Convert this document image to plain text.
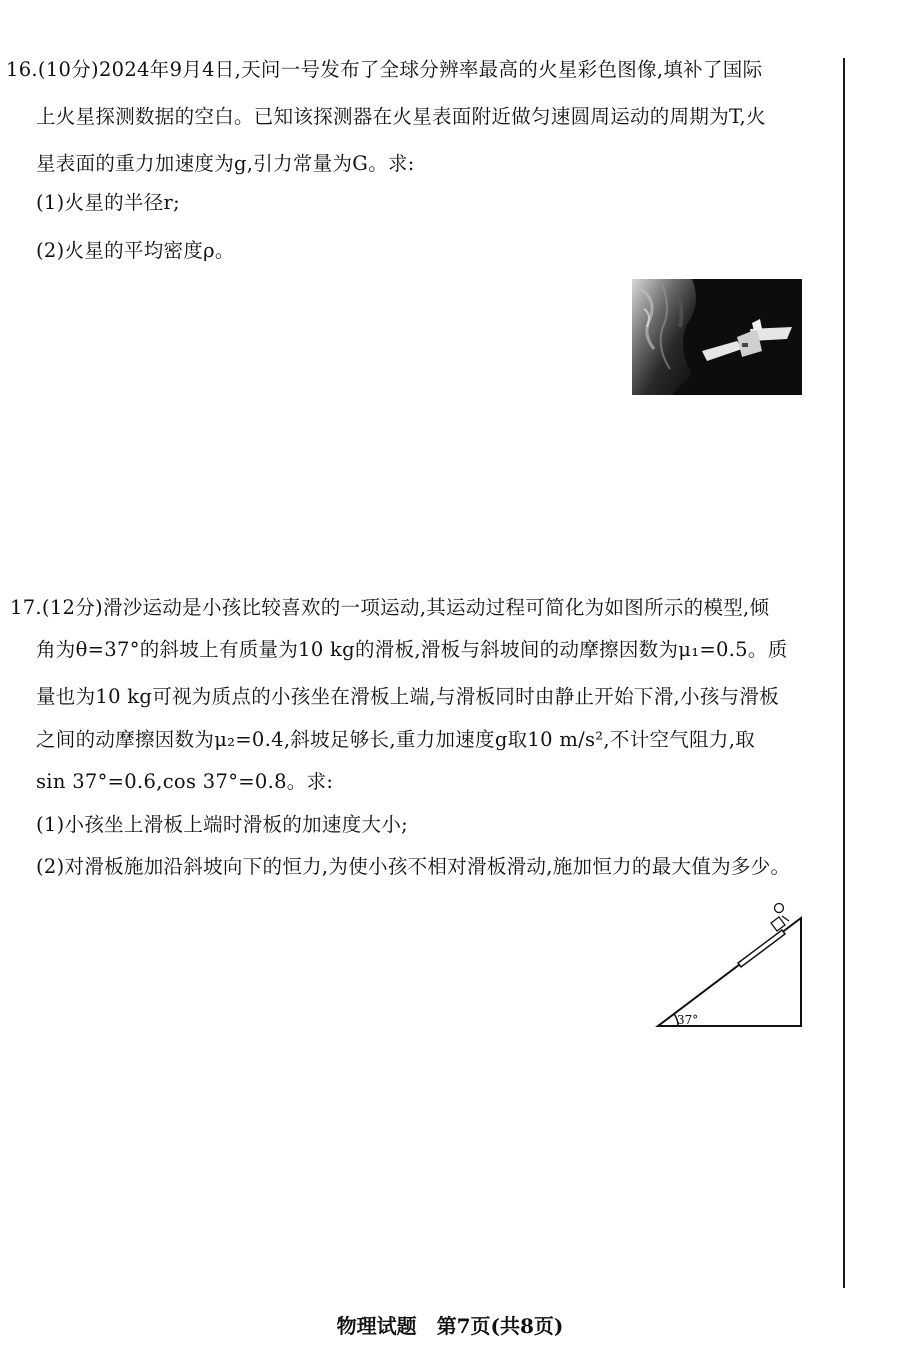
16.(10分)2024年9月4日,天问一号发布了全球分辨率最高的火星彩色图像,填补了国际
上火星探测数据的空白。已知该探测器在火星表面附近做匀速圆周运动的周期为T,火
星表面的重力加速度为g,引力常量为G。求:
(1)火星的半径r;
(2)火星的平均密度ρ。
17.(12分)滑沙运动是小孩比较喜欢的一项运动,其运动过程可简化为如图所示的模型,倾
角为θ=37°的斜坡上有质量为10 kg的滑板,滑板与斜坡间的动摩擦因数为μ₁=0.5。质
量也为10 kg可视为质点的小孩坐在滑板上端,与滑板同时由静止开始下滑,小孩与滑板
之间的动摩擦因数为μ₂=0.4,斜坡足够长,重力加速度g取10 m/s²,不计空气阻力,取
sin 37°=0.6,cos 37°=0.8。求:
(1)小孩坐上滑板上端时滑板的加速度大小;
(2)对滑板施加沿斜坡向下的恒力,为使小孩不相对滑板滑动,施加恒力的最大值为多少。
37°
物理试题　第7页(共8页)
